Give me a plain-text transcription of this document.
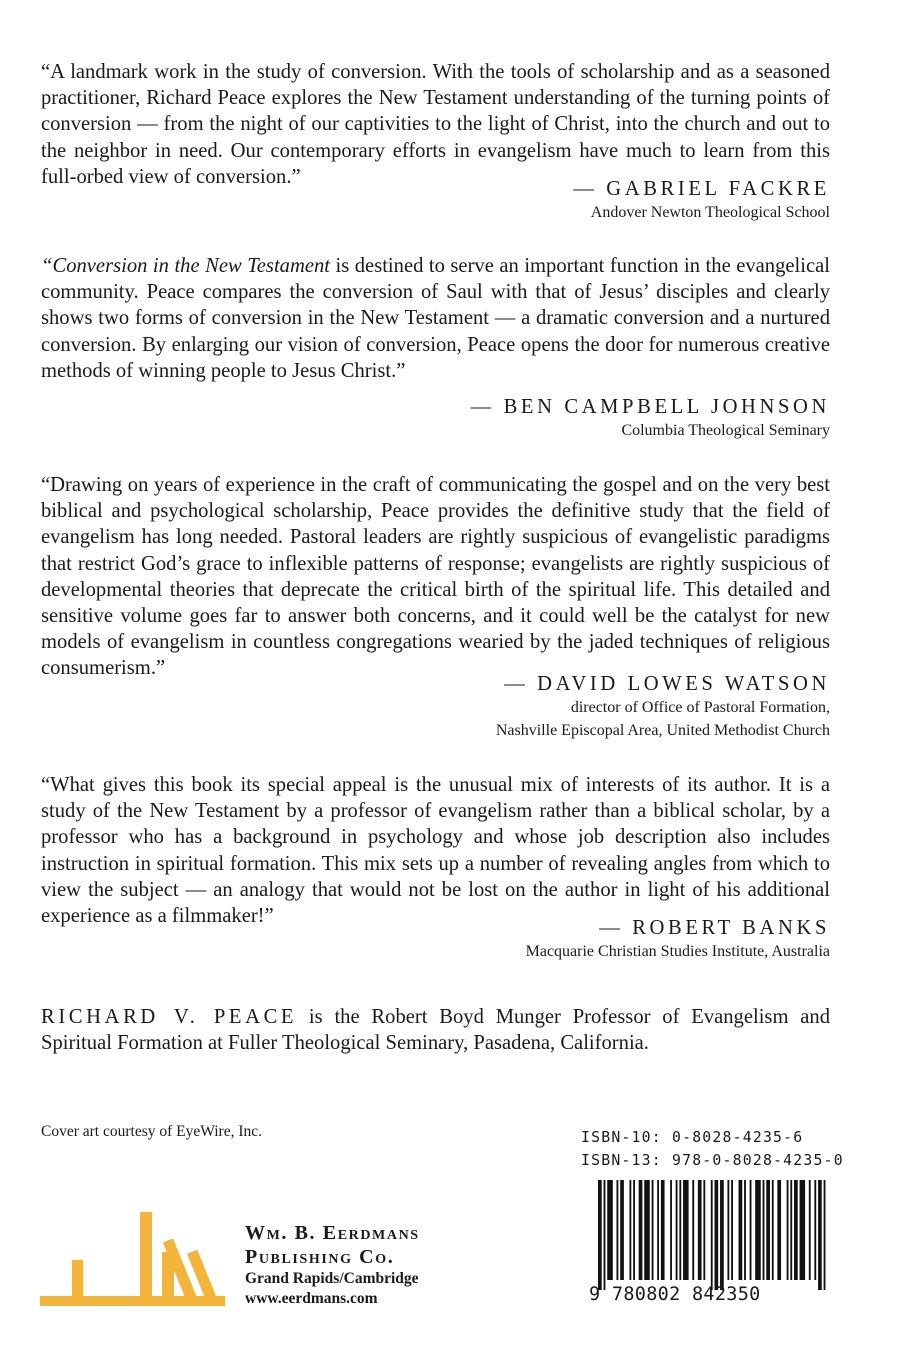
“A landmark work in the study of conversion. With the tools of scholarship and as a seasoned practitioner, Richard Peace explores the New Testament understanding of the turning points of conversion — from the night of our captivities to the light of Christ, into the church and out to the neighbor in need. Our contemporary efforts in evangelism have much to learn from this full-orbed view of conversion.”

— GABRIEL FACKRE
Andover Newton Theological School

“Conversion in the New Testament is destined to serve an important function in the evangelical community. Peace compares the conversion of Saul with that of Jesus’ disciples and clearly shows two forms of conversion in the New Testament — a dramatic conversion and a nurtured conversion. By enlarging our vision of conversion, Peace opens the door for numerous creative methods of winning people to Jesus Christ.”

— BEN CAMPBELL JOHNSON
Columbia Theological Seminary

“Drawing on years of experience in the craft of communicating the gospel and on the very best biblical and psychological scholarship, Peace provides the definitive study that the field of evangelism has long needed. Pastoral leaders are rightly suspicious of evangelistic paradigms that restrict God’s grace to inflexible patterns of response; evangelists are rightly suspicious of developmental theories that deprecate the critical birth of the spiritual life. This detailed and sensitive volume goes far to answer both concerns, and it could well be the catalyst for new models of evangelism in countless congregations wearied by the jaded techniques of religious consumerism.”

— DAVID LOWES WATSON
director of Office of Pastoral Formation,
Nashville Episcopal Area, United Methodist Church

“What gives this book its special appeal is the unusual mix of interests of its author. It is a study of the New Testament by a professor of evangelism rather than a biblical scholar, by a professor who has a background in psychology and whose job description also includes instruction in spiritual formation. This mix sets up a number of revealing angles from which to view the subject — an analogy that would not be lost on the author in light of his additional experience as a filmmaker!”

— ROBERT BANKS
Macquarie Christian Studies Institute, Australia

RICHARD V. PEACE is the Robert Boyd Munger Professor of Evangelism and Spiritual Formation at Fuller Theological Seminary, Pasadena, California.

Cover art courtesy of EyeWire, Inc.	ISBN-10: 0-8028-4235-6
ISBN-13: 978-0-8028-4235-0
9 780802 842350
Wm. B. Eerdmans
Publishing Co.
Grand Rapids/Cambridge
www.eerdmans.com
